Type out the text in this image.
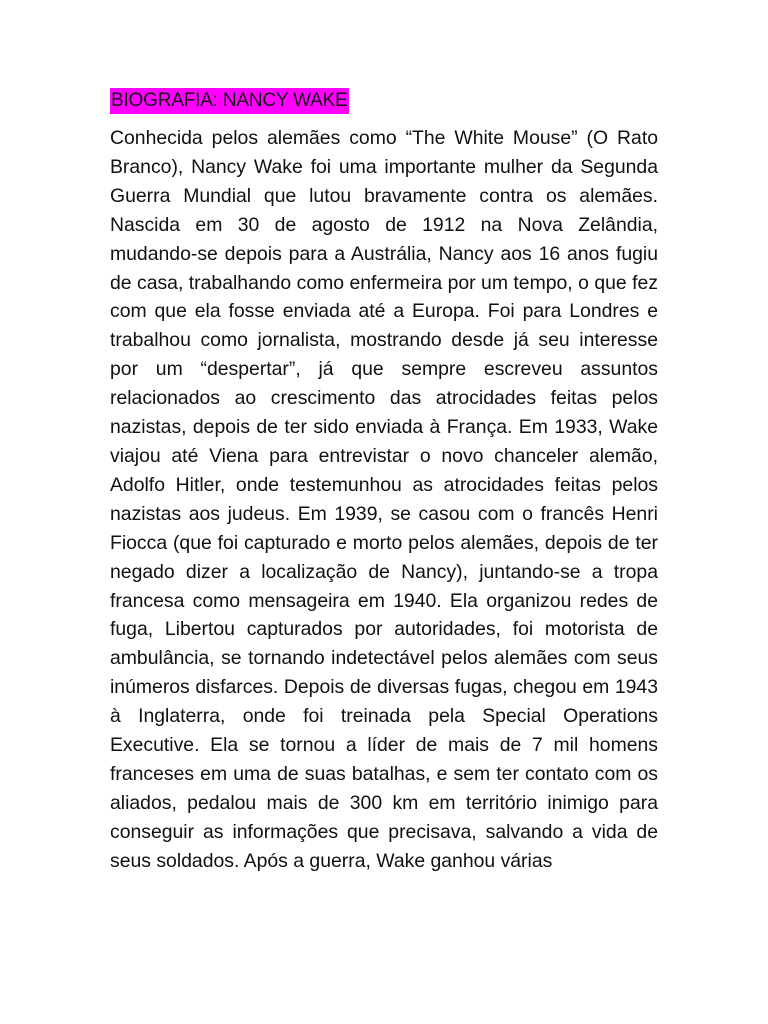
BIOGRAFIA: NANCY WAKE

Conhecida pelos alemães como “The White Mouse” (O Rato Branco), Nancy Wake foi uma importante mulher da Segunda Guerra Mundial que lutou bravamente contra os alemães. Nascida em 30 de agosto de 1912 na Nova Zelândia, mudando-se depois para a Austrália, Nancy aos 16 anos fugiu de casa, trabalhando como enfermeira por um tempo, o que fez com que ela fosse enviada até a Europa. Foi para Londres e trabalhou como jornalista, mostrando desde já seu interesse por um “despertar”, já que sempre escreveu assuntos relacionados ao crescimento das atrocidades feitas pelos nazistas, depois de ter sido enviada à França. Em 1933, Wake viajou até Viena para entrevistar o novo chanceler alemão, Adolfo Hitler, onde testemunhou as atrocidades feitas pelos nazistas aos judeus. Em 1939, se casou com o francês Henri Fiocca (que foi capturado e morto pelos alemães, depois de ter negado dizer a localização de Nancy), juntando-se a tropa francesa como mensageira em 1940. Ela organizou redes de fuga, Libertou capturados por autoridades, foi motorista de ambulância, se tornando indetectável pelos alemães com seus inúmeros disfarces. Depois de diversas fugas, chegou em 1943 à Inglaterra, onde foi treinada pela Special Operations Executive. Ela se tornou a líder de mais de 7 mil homens franceses em uma de suas batalhas, e sem ter contato com os aliados, pedalou mais de 300 km em território inimigo para conseguir as informações que precisava, salvando a vida de seus soldados. Após a guerra, Wake ganhou várias
